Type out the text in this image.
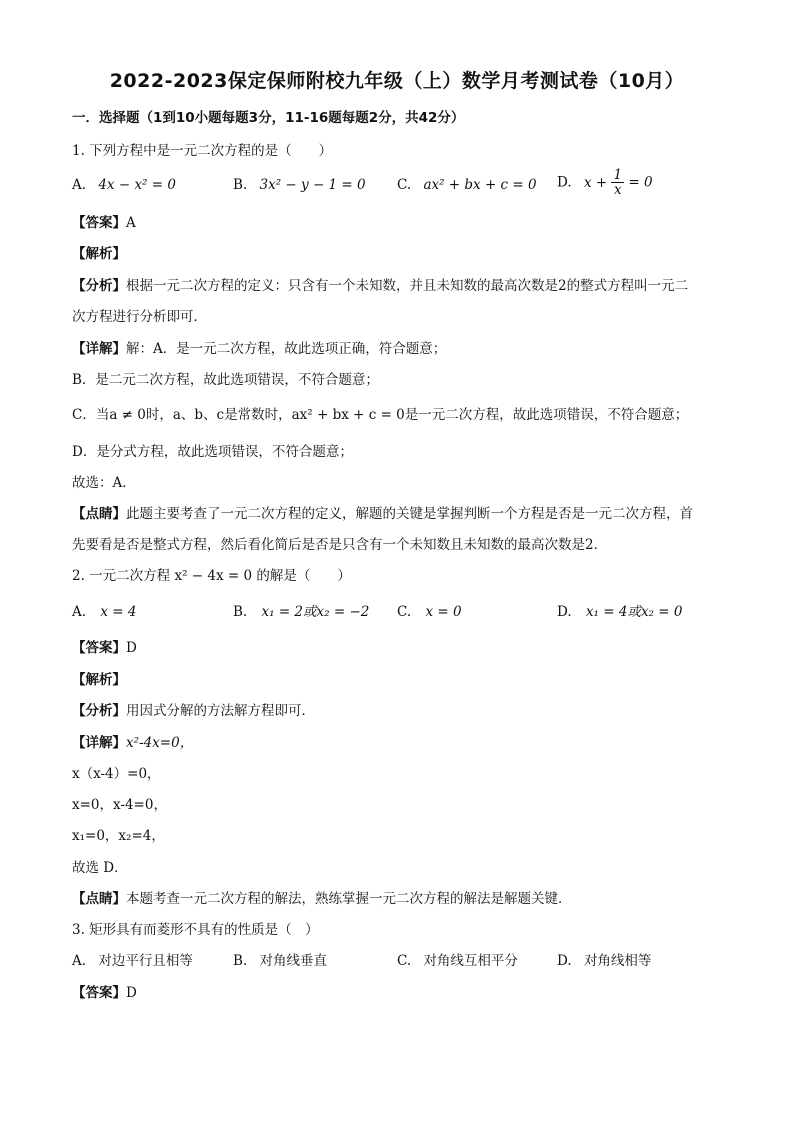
2022-2023保定保师附校九年级（上）数学月考测试卷（10月）
一．选择题（1到10小题每题3分，11-16题每题2分，共42分）
1. 下列方程中是一元二次方程的是（　　）
A. 4x − x² = 0	B. 3x² − y − 1 = 0 C. ax² + bx + c = 0 D. $x + \frac{1}{x} = 0$
【答案】A
【解析】
【分析】根据一元二次方程的定义：只含有一个未知数，并且未知数的最高次数是2的整式方程叫一元二
次方程进行分析即可．
【详解】解：A．是一元二次方程，故此选项正确，符合题意；
B．是二元二次方程，故此选项错误，不符合题意；
C．当a ≠ 0时，a、b、c是常数时，ax² + bx + c = 0是一元二次方程，故此选项错误，不符合题意；
D．是分式方程，故此选项错误，不符合题意；
故选：A．
【点睛】此题主要考查了一元二次方程的定义，解题的关键是掌握判断一个方程是否是一元二次方程，首
先要看是否是整式方程，然后看化简后是否是只含有一个未知数且未知数的最高次数是2．
2. 一元二次方程 x² − 4x = 0 的解是（　　）
A. x = 4	B. x₁ = 2或x₂ = −2 C. x = 0	D. x₁ = 4或x₂ = 0
【答案】D
【解析】
【分析】用因式分解的方法解方程即可．
【详解】x²-4x=0，
x（x-4）=0，
x=0，x-4=0，
x₁=0，x₂=4，
故选 D．
【点睛】本题考查一元二次方程的解法，熟练掌握一元二次方程的解法是解题关键．
3. 矩形具有而菱形不具有的性质是（　）
A. 对边平行且相等	B. 对角线垂直	C. 对角线互相平分	D. 对角线相等
【答案】D
